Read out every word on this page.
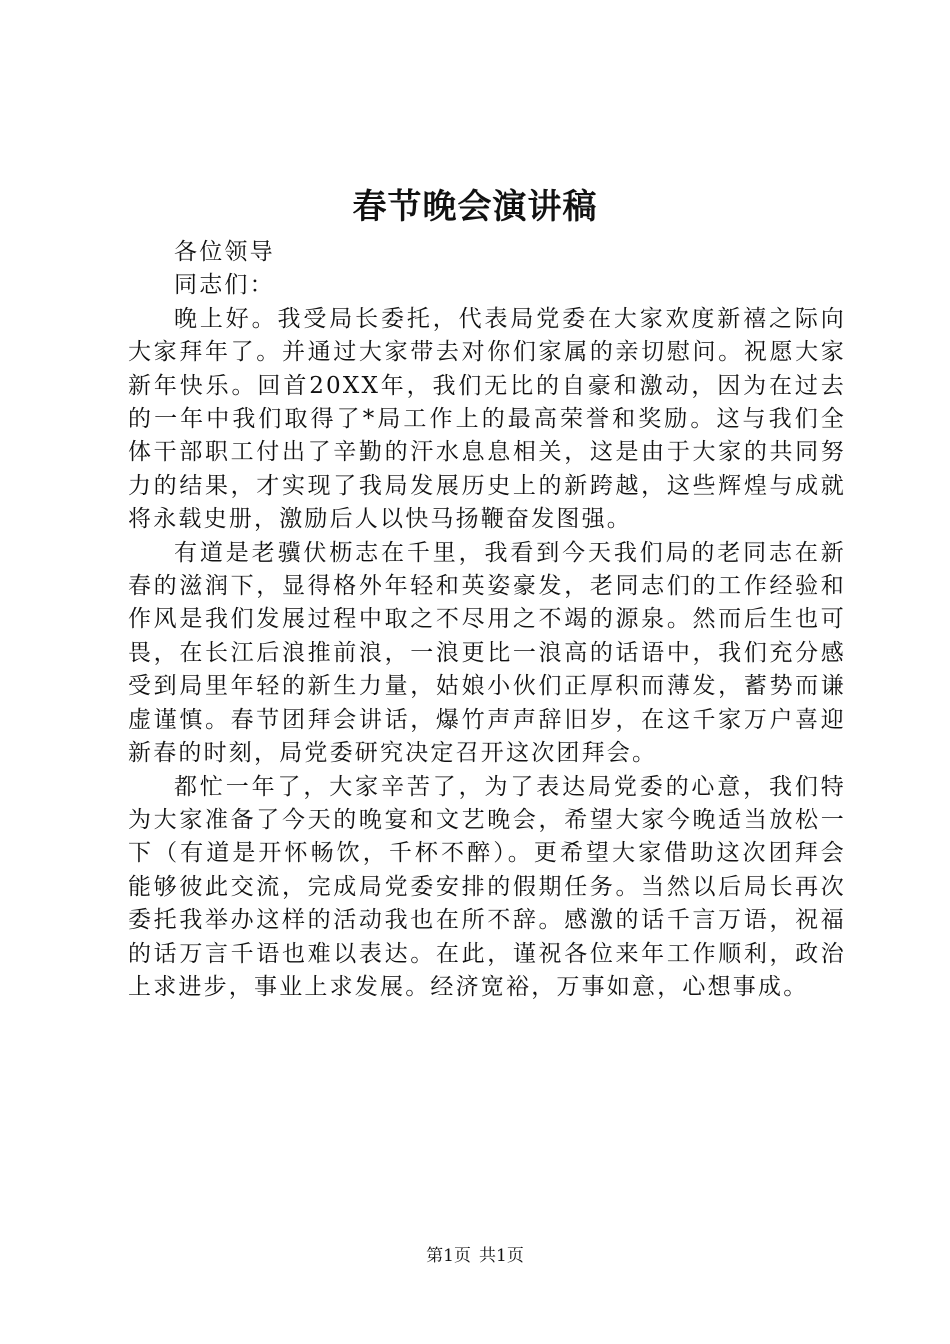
春节晚会演讲稿

各位领导

同志们：

晚上好。我受局长委托，代表局党委在大家欢度新禧之际向大家拜年了。并通过大家带去对你们家属的亲切慰问。祝愿大家新年快乐。回首20XX年，我们无比的自豪和激动，因为在过去的一年中我们取得了*局工作上的最高荣誉和奖励。这与我们全体干部职工付出了辛勤的汗水息息相关，这是由于大家的共同努力的结果，才实现了我局发展历史上的新跨越，这些辉煌与成就将永载史册，激励后人以快马扬鞭奋发图强。

有道是老骥伏枥志在千里，我看到今天我们局的老同志在新春的滋润下，显得格外年轻和英姿豪发，老同志们的工作经验和作风是我们发展过程中取之不尽用之不竭的源泉。然而后生也可畏，在长江后浪推前浪，一浪更比一浪高的话语中，我们充分感受到局里年轻的新生力量，姑娘小伙们正厚积而薄发，蓄势而谦虚谨慎。春节团拜会讲话，爆竹声声辞旧岁，在这千家万户喜迎新春的时刻，局党委研究决定召开这次团拜会。

都忙一年了，大家辛苦了，为了表达局党委的心意，我们特为大家准备了今天的晚宴和文艺晚会，希望大家今晚适当放松一下（有道是开怀畅饮，千杯不醉）。更希望大家借助这次团拜会能够彼此交流，完成局党委安排的假期任务。当然以后局长再次委托我举办这样的活动我也在所不辞。感激的话千言万语，祝福的话万言千语也难以表达。在此，谨祝各位来年工作顺利，政治上求进步，事业上求发展。经济宽裕，万事如意，心想事成。

第1页 共1页
